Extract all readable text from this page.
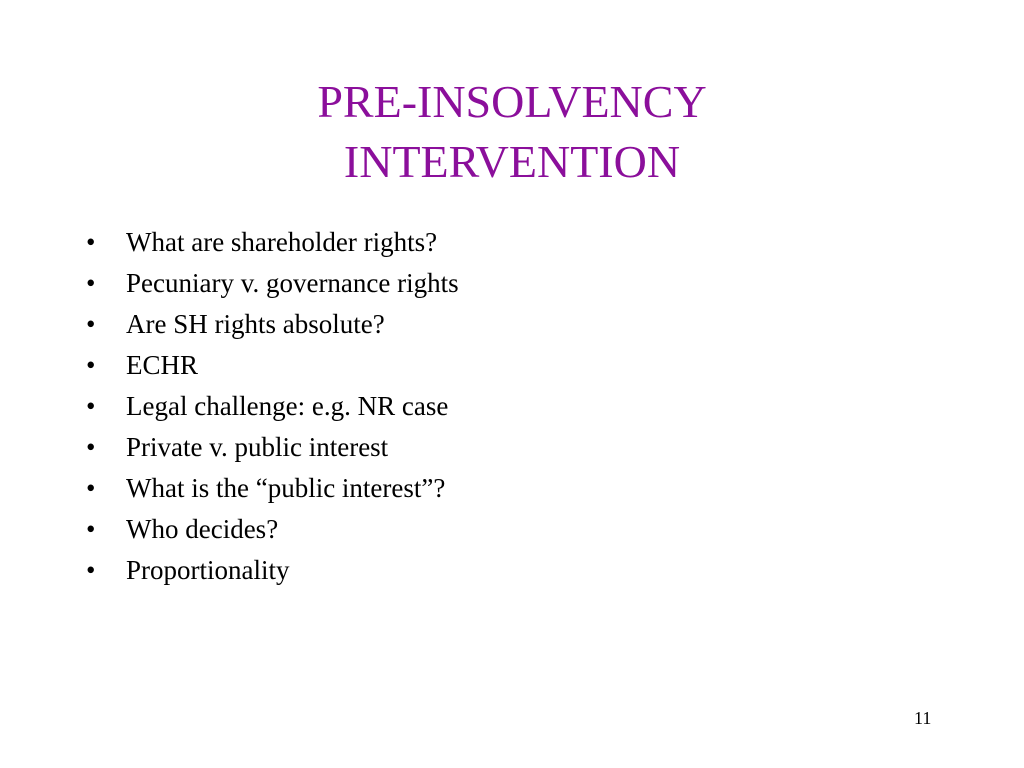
PRE-INSOLVENCY
INTERVENTION
•	What are shareholder rights?
•	Pecuniary v. governance rights
•	Are SH rights absolute?
•	ECHR
•	Legal challenge: e.g. NR case
•	Private v. public interest
•	What is the “public interest”?
•	Who decides?
•	Proportionality
11
